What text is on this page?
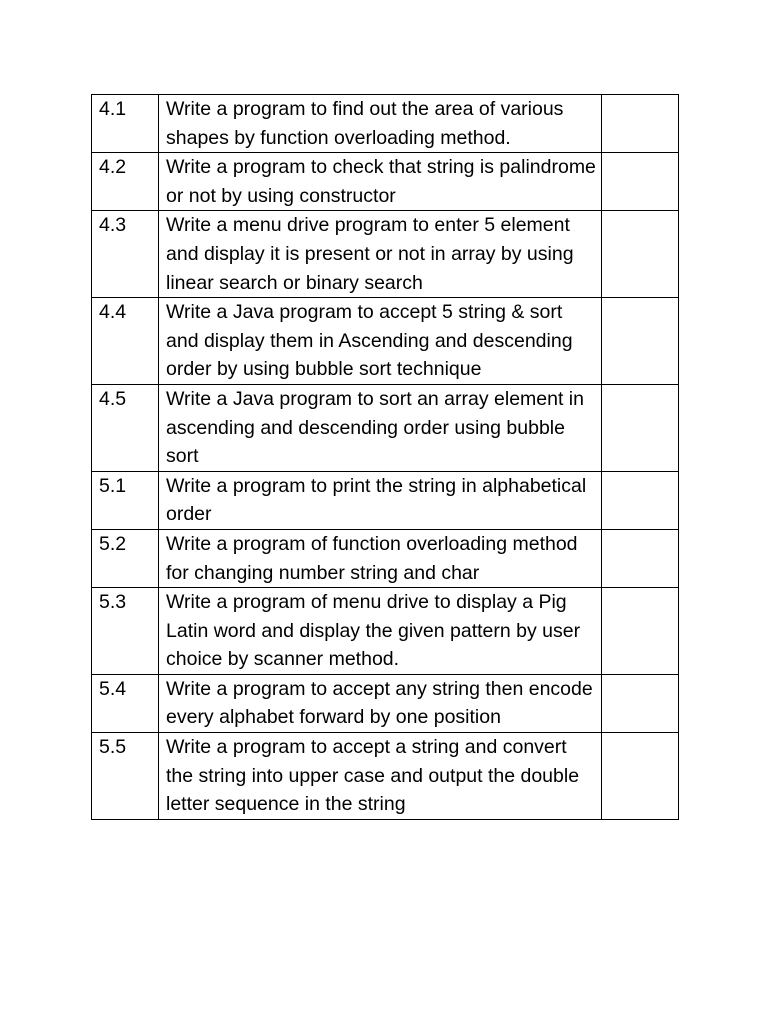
4.1	Write a program to find out the area of various shapes by function overloading method.	
4.2	Write a program to check that string is palindrome or not by using constructor	
4.3	Write a menu drive program to enter 5 element and display it is present or not in array by using linear search or binary search	
4.4	Write a Java program to accept 5 string & sort and display them in Ascending and descending order by using bubble sort technique	
4.5	Write a Java program to sort an array element in ascending and descending order using bubble sort	
5.1	Write a program to print the string in alphabetical order	
5.2	Write a program of function overloading method for changing number string and char	
5.3	Write a program of menu drive to display a Pig Latin word and display the given pattern by user choice by scanner method.	
5.4	Write a program to accept any string then encode every alphabet forward by one position	
5.5	Write a program to accept a string and convert the string into upper case and output the double letter sequence in the string	
